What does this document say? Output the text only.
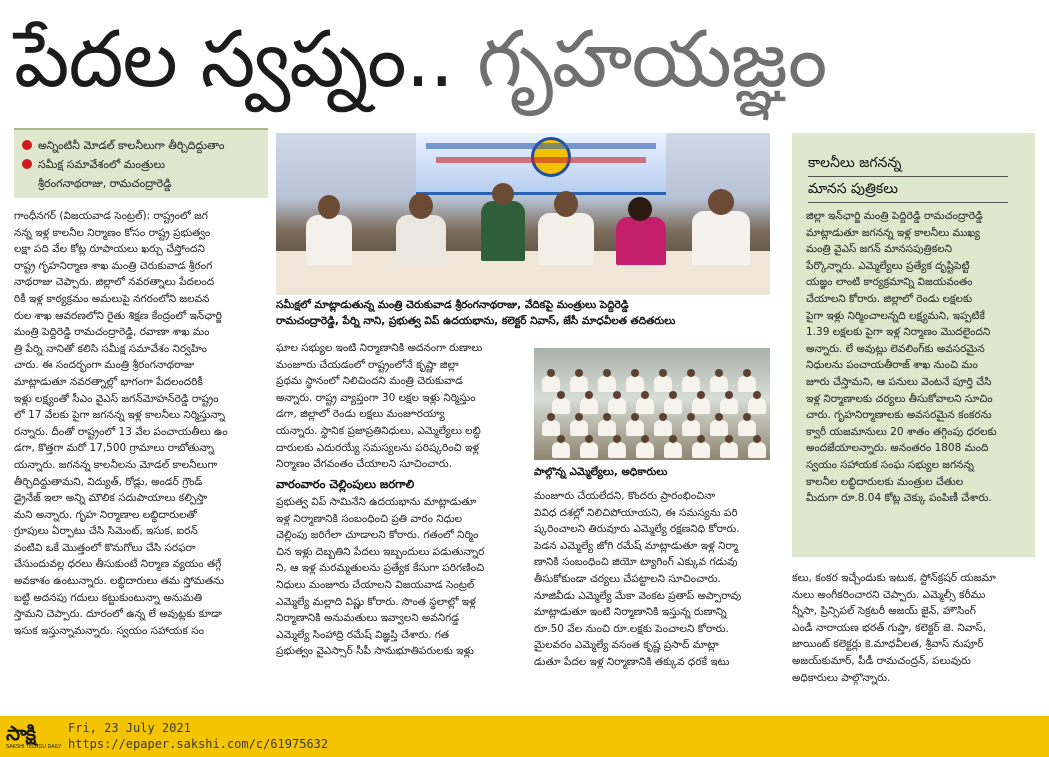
పేదల స్వప్నం.. గృహయజ్ఞం
అన్నింటినీ మోడల్ కాలనీలుగా తీర్చిదిద్దుతాం
సమీక్ష సమావేశంలో మంత్రులు
శ్రీరంగనాథరాజు, రామచంద్రారెడ్డి

గాంధీనగర్ (విజయవాడ సెంట్రల్): రాష్ట్రంలో జగ

నన్న ఇళ్ల కాలనీల నిర్మాణం కోసం రాష్ట్ర ప్రభుత్వం

లక్షా పది వేల కోట్ల రూపాయలు ఖర్చు చేస్తోందని

రాష్ట్ర గృహనిర్మాణ శాఖ మంత్రి చెరుకువాడ శ్రీరంగ

నాథరాజు చెప్పారు. జిల్లాలో నవరత్నాలు పేదలంద

రికీ ఇళ్ల కార్యక్రమం అమలుపై నగరంలోని జలవన

రుల శాఖ ఆవరణలోని రైతు శిక్షణ కేంద్రంలో ఇన్‌ఛార్జి

మంత్రి పెద్దిరెడ్డి రామచంద్రారెడ్డి, రవాణా శాఖ మం

త్రి పేర్ని నానితో కలిసి సమీక్ష సమావేశం నిర్వహిం

చారు. ఈ సందర్భంగా మంత్రి శ్రీరంగనాథరాజు

మాట్లాడుతూ నవరత్నాల్లో భాగంగా పేదలందరికీ

ఇళ్లు లక్ష్యంతో సీఎం వైఎస్ జగన్‌మోహన్‌రెడ్డి రాష్ట్రం

లో 17 వేలకు పైగా జగనన్న ఇళ్ల కాలనీలు నిర్మిస్తున్నా

రన్నారు. దీంతో రాష్ట్రంలో 13 వేల పంచాయతీలు ఉం

డగా, కొత్తగా మరో 17,500 గ్రామాలు రాబోతున్నా

యన్నారు. జగనన్న కాలనీలను మోడల్ కాలనీలుగా

తీర్చిదిద్దుతామని, విద్యుత్, రోడ్లు, అండర్ గ్రౌండ్

డ్రైనేజ్ ఇలా అన్ని మౌలిక సదుపాయాలు కల్పిస్తా

మని అన్నారు. గృహ నిర్మాణాల లబ్ధిదారులతో

గ్రూపులు ఏర్పాటు చేసి సిమెంట్, ఇసుక, ఐరన్

వంటివి ఒకే మొత్తంలో కొనుగోలు చేసి సరఫరా

చేసుందువల్ల ధరలు తీసుకుంటే నిర్మాణ వ్యయం తగ్గే

అవకాశం ఉంటున్నారు. లబ్ధిదారులు తమ స్తోమతను

బట్టి అదనపు గదులు కట్టుకుంటున్నా అనుమతి

స్తామని చెప్పారు. దూరంలో ఉన్న లే అవుట్లకు కూడా

ఇసుక ఇస్తున్నామన్నారు. స్వయం సహాయక సం

సమీక్షలో మాట్లాడుతున్న మంత్రి చెరుకువాడ శ్రీరంగనాథరాజు, వేదికపై మంత్రులు పెద్దిరెడ్డి
రామచంద్రారెడ్డి, పేర్ని నాని, ప్రభుత్వ విప్ ఉదయభాను, కలెక్టర్ నివాస్, జేసీ మాధవీలత తదితరులు

ఘాల సభ్యుల ఇంటి నిర్మాణానికి అదనంగా రుణాలు

మంజూరు చేయడంలో రాష్ట్రంలోనే కృష్ణా జిల్లా

ప్రథమ స్థానంలో నిలిచిందని మంత్రి చెరుకువాడ

అన్నారు. రాష్ట్ర వ్యాప్తంగా 30 లక్షల ఇళ్లు నిర్మిస్తుం

డగా, జిల్లాలో రెండు లక్షలు మంజూరయ్యా

యన్నారు. స్థానిక ప్రజాప్రతినిధులు, ఎమ్మెల్యేలు లబ్ధి

దారులకు ఎదురయ్యే సమస్యలను పరిష్కరించి ఇళ్ల

నిర్మాణం వేగవంతం చేయాలని సూచించారు.

వారంవారం చెల్లింపులు జరగాలి

ప్రభుత్వ విప్ సామినేని ఉదయభాను మాట్లాడుతూ

ఇళ్ల నిర్మాణానికి సంబంధించి ప్రతి వారం నిధుల

చెల్లింపు జరిగేలా చూడాలని కోరారు. గతంలో నిర్మిం

చిన ఇళ్లు దెబ్బతిని పేదలు ఇబ్బందులు పడుతున్నార

ని, ఆ ఇళ్ల మరమ్మతులను ప్రత్యేక కేసుగా పరిగణించి

నిధులు మంజూరు చేయాలని విజయవాడ సెంట్రల్

ఎమ్మెల్యే మల్లాది విష్ణు కోరారు. సొంత స్థలాల్లో ఇళ్ల

నిర్మాణానికి అనుమతులు ఇవ్వాలని అవనిగడ్డ

ఎమ్మెల్యే సింహాద్రి రమేష్ విజ్ఞప్తి చేశారు. గత

ప్రభుత్వం వైఎస్సార్ సీపీ సానుభూతిపరులకు ఇళ్లు

పాల్గొన్న ఎమ్మెల్యేలు, అధికారులు

మంజూరు చేయలేదని, కొందరు ప్రారంభించినా

వివిధ దశల్లో నిలిచిపోయాయని, ఈ సమస్యను పరి

ష్కరించాలని తిరువూరు ఎమ్మెల్యే రక్షణనిధి కోరారు.

పెడన ఎమ్మెల్యే జోగి రమేష్ మాట్లాడుతూ ఇళ్ల నిర్మా

ణానికి సంబంధించి జియో ట్యాగింగ్ ఎక్కువ గడువు

తీసుకోకుండా చర్యలు చేపట్టాలని సూచించారు.

నూజివీడు ఎమ్మెల్యే మేకా వెంకట ప్రతాప్ అప్పారావు

మాట్లాడుతూ ఇంటి నిర్మాణానికి ఇస్తున్న రుణాన్ని

రూ.50 వేల నుంచి రూ.లక్షకు పెంచాలని కోరారు.

మైలవరం ఎమ్మెల్యే వసంత కృష్ణ ప్రసాద్ మాట్లా

డుతూ పేదల ఇళ్ల నిర్మాణానికి తక్కువ ధరకే ఇటు

కాలనీలు జగనన్న
మానస పుత్రికలు

జిల్లా ఇన్‌ఛార్జి మంత్రి పెద్దిరెడ్డి రామచంద్రారెడ్డి

మాట్లాడుతూ జగనన్న ఇళ్ల కాలనీలు ముఖ్య

మంత్రి వైఎస్ జగన్ మానసపుత్రికలని

పేర్కొన్నారు. ఎమ్మెల్యేలు ప్రత్యేక దృష్టిపెట్టి

యజ్ఞం లాంటి కార్యక్రమాన్ని విజయవంతం

చేయాలని కోరారు. జిల్లాలో రెండు లక్షలకు

పైగా ఇళ్లు నిర్మించాలన్నది లక్ష్యమని, ఇప్పటికే

1.39 లక్షలకు పైగా ఇళ్ల నిర్మాణం మొదలైందని

అన్నారు. లే అవుట్లు లెవలింగ్‌కు అవసరమైన

నిధులను పంచాయతీరాజ్ శాఖ నుంచి మం

జూరు చేస్తామని, ఆ పనులు వెంటనే పూర్తి చేసి

ఇళ్ల నిర్మాణాలకు చర్యలు తీసుకోవాలని సూచిం

చారు. గృహనిర్మాణాలకు అవసరమైన కంకరను

క్వారీ యజమానులు 20 శాతం తగ్గింపు ధరలకు

అందజేయాలన్నారు. అనంతరం 1808 మంది

స్వయం సహాయక సంఘ సభ్యుల జగనన్న

కాలనీల లబ్ధిదారులకు మంత్రుల చేతుల

మీదుగా రూ.8.04 కోట్ల చెక్కు పంపిణీ చేశారు.

కలు, కంకర ఇచ్చేందుకు ఇటుక, స్టోన్‌క్రషర్ యజమా

నులు అంగీకరించారని చెప్పారు. ఎమ్మెల్సీ కరీము

న్నీసా, ప్రిన్సిపల్ సెక్రటరీ అజయ్ జైన్, హౌసింగ్

ఎండీ నారాయణ భరత్ గుప్తా, కలెక్టర్ జె. నివాస్,

జాయింట్ కలెక్టర్లు కె.మాధవీలత, శ్రీవాస్ నుపూర్

అజయ్‌కుమార్, పీడీ రామచంద్రన్, పలువురు

అధికారులు పాల్గొన్నారు.

సాక్షి
SAKSHI TELUGU DAILY
Fri, 23 July 2021
https://epaper.sakshi.com/c/61975632
